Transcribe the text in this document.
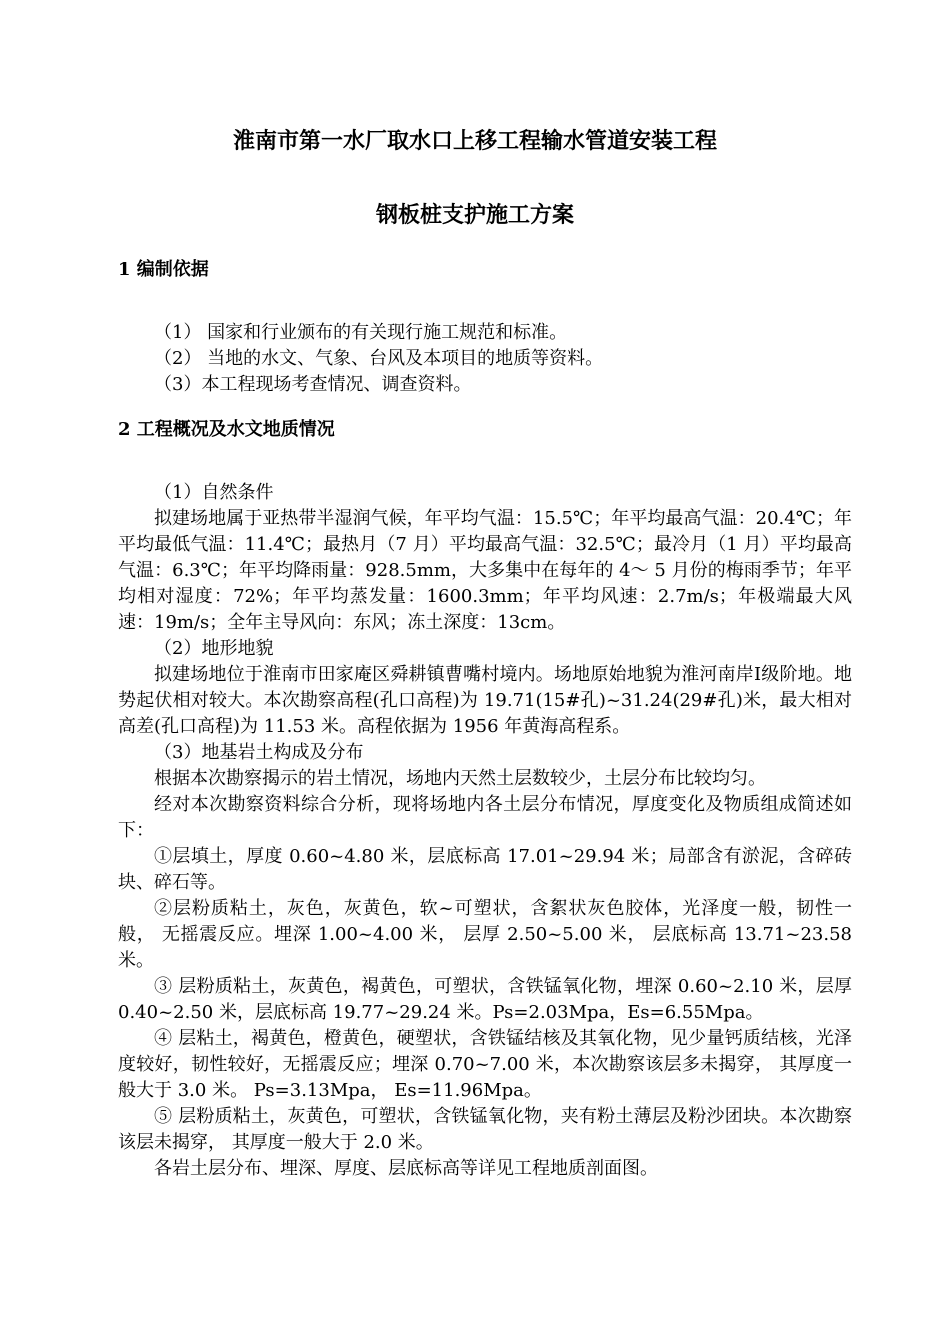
淮南市第一水厂取水口上移工程输水管道安装工程
钢板桩支护施工方案
1 编制依据

（1） 国家和行业颁布的有关现行施工规范和标准。

（2） 当地的水文、气象、台风及本项目的地质等资料。

（3）本工程现场考查情况、调查资料。

2 工程概况及水文地质情况

（1）自然条件

拟建场地属于亚热带半湿润气候，年平均气温：15.5℃；年平均最高气温：20.4℃；年平均最低气温：11.4℃；最热月（7 月）平均最高气温：32.5℃；最冷月（1 月）平均最高气温：6.3℃；年平均降雨量：928.5mm，大多集中在每年的 4～ 5 月份的梅雨季节；年平均相对湿度：72%；年平均蒸发量：1600.3mm；年平均风速：2.7m/s；年极端最大风速：19m/s；全年主导风向：东风；冻土深度：13cm。

（2）地形地貌

拟建场地位于淮南市田家庵区舜耕镇曹嘴村境内。场地原始地貌为淮河南岸Ⅰ级阶地。地势起伏相对较大。本次勘察高程(孔口高程)为 19.71(15#孔)~31.24(29#孔)米，最大相对高差(孔口高程)为 11.53 米。高程依据为 1956 年黄海高程系。

（3）地基岩土构成及分布

根据本次勘察揭示的岩土情况，场地内天然土层数较少，土层分布比较均匀。

经对本次勘察资料综合分析，现将场地内各土层分布情况，厚度变化及物质组成简述如下：

①层填土，厚度 0.60~4.80 米，层底标高 17.01~29.94 米；局部含有淤泥，含碎砖块、碎石等。

②层粉质粘土，灰色，灰黄色，软~可塑状，含絮状灰色胶体，光泽度一般，韧性一般， 无摇震反应。埋深 1.00~4.00 米， 层厚 2.50~5.00 米， 层底标高 13.71~23.58 米。

③ 层粉质粘土，灰黄色，褐黄色，可塑状，含铁锰氧化物，埋深 0.60~2.10 米，层厚 0.40~2.50 米，层底标高 19.77~29.24 米。Ps=2.03Mpa，Es=6.55Mpa。

④ 层粘土，褐黄色，橙黄色，硬塑状，含铁锰结核及其氧化物，见少量钙质结核，光泽度较好，韧性较好，无摇震反应；埋深 0.70~7.00 米，本次勘察该层多未揭穿， 其厚度一般大于 3.0 米。 Ps=3.13Mpa， Es=11.96Mpa。

⑤ 层粉质粘土，灰黄色，可塑状，含铁锰氧化物，夹有粉土薄层及粉沙团块。本次勘察该层未揭穿， 其厚度一般大于 2.0 米。

各岩土层分布、埋深、厚度、层底标高等详见工程地质剖面图。
